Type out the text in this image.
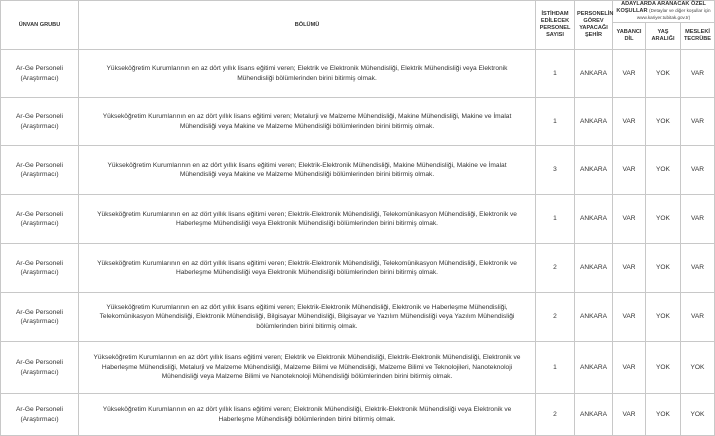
ÜNVAN GRUBU	BÖLÜMÜ	İSTİHDAM EDİLECEK PERSONEL SAYISI	PERSONELİN GÖREV YAPACAĞI ŞEHİR	ADAYLARDA ARANACAK ÖZEL KOŞULLAR (Detaylar ve diğer koşullar için www.kariyer.tubitak.gov.tr)		
				YABANCI DİL	YAŞ ARALIĞI	MESLEKİ TECRÜBE
Ar-Ge Personeli (Araştırmacı)	Yükseköğretim Kurumlarının en az dört yıllık lisans eğitimi veren; Elektrik ve Elektronik Mühendisliği, Elektrik Mühendisliği veya Elektronik Mühendisliği bölümlerinden birini bitirmiş olmak.	1	ANKARA	VAR	YOK	VAR
Ar-Ge Personeli (Araştırmacı)	Yükseköğretim Kurumlarının en az dört yıllık lisans eğitimi veren; Metalurji ve Malzeme Mühendisliği, Makine Mühendisliği, Makine ve İmalat Mühendisliği veya Makine ve Malzeme Mühendisliği bölümlerinden birini bitirmiş olmak.	1	ANKARA	VAR	YOK	VAR
Ar-Ge Personeli (Araştırmacı)	Yükseköğretim Kurumlarının en az dört yıllık lisans eğitimi veren; Elektrik-Elektronik Mühendisliği, Makine Mühendisliği, Makine ve İmalat Mühendisliği veya Makine ve Malzeme Mühendisliği bölümlerinden birini bitirmiş olmak.	3	ANKARA	VAR	YOK	VAR
Ar-Ge Personeli (Araştırmacı)	Yükseköğretim Kurumlarının en az dört yıllık lisans eğitimi veren; Elektrik-Elektronik Mühendisliği, Telekomünikasyon Mühendisliği, Elektronik ve Haberleşme Mühendisliği veya Elektronik Mühendisliği bölümlerinden birini bitirmiş olmak.	1	ANKARA	VAR	YOK	VAR
Ar-Ge Personeli (Araştırmacı)	Yükseköğretim Kurumlarının en az dört yıllık lisans eğitimi veren; Elektrik-Elektronik Mühendisliği, Telekomünikasyon Mühendisliği, Elektronik ve Haberleşme Mühendisliği veya Elektronik Mühendisliği bölümlerinden birini bitirmiş olmak.	2	ANKARA	VAR	YOK	VAR
Ar-Ge Personeli (Araştırmacı)	Yükseköğretim Kurumlarının en az dört yıllık lisans eğitimi veren; Elektrik-Elektronik Mühendisliği, Elektronik ve Haberleşme Mühendisliği, Telekomünikasyon Mühendisliği, Elektronik Mühendisliği, Bilgisayar Mühendisliği, Bilgisayar ve Yazılım Mühendisliği veya Yazılım Mühendisliği bölümlerinden birini bitirmiş olmak.	2	ANKARA	VAR	YOK	VAR
Ar-Ge Personeli (Araştırmacı)	Yükseköğretim Kurumlarının en az dört yıllık lisans eğitimi veren; Elektrik ve Elektronik Mühendisliği, Elektrik-Elektronik Mühendisliği, Elektronik ve Haberleşme Mühendisliği, Metalurji ve Malzeme Mühendisliği, Malzeme Bilimi ve Mühendisliği, Malzeme Bilimi ve Teknolojileri, Nanoteknoloji Mühendisliği veya Malzeme Bilimi ve Nanoteknoloji Mühendisliği bölümlerinden birini bitirmiş olmak.	1	ANKARA	VAR	YOK	YOK
Ar-Ge Personeli (Araştırmacı)	Yükseköğretim Kurumlarının en az dört yıllık lisans eğitimi veren; Elektronik Mühendisliği, Elektrik-Elektronik Mühendisliği veya Elektronik ve Haberleşme Mühendisliği bölümlerinden birini bitirmiş olmak.	2	ANKARA	VAR	YOK	YOK
